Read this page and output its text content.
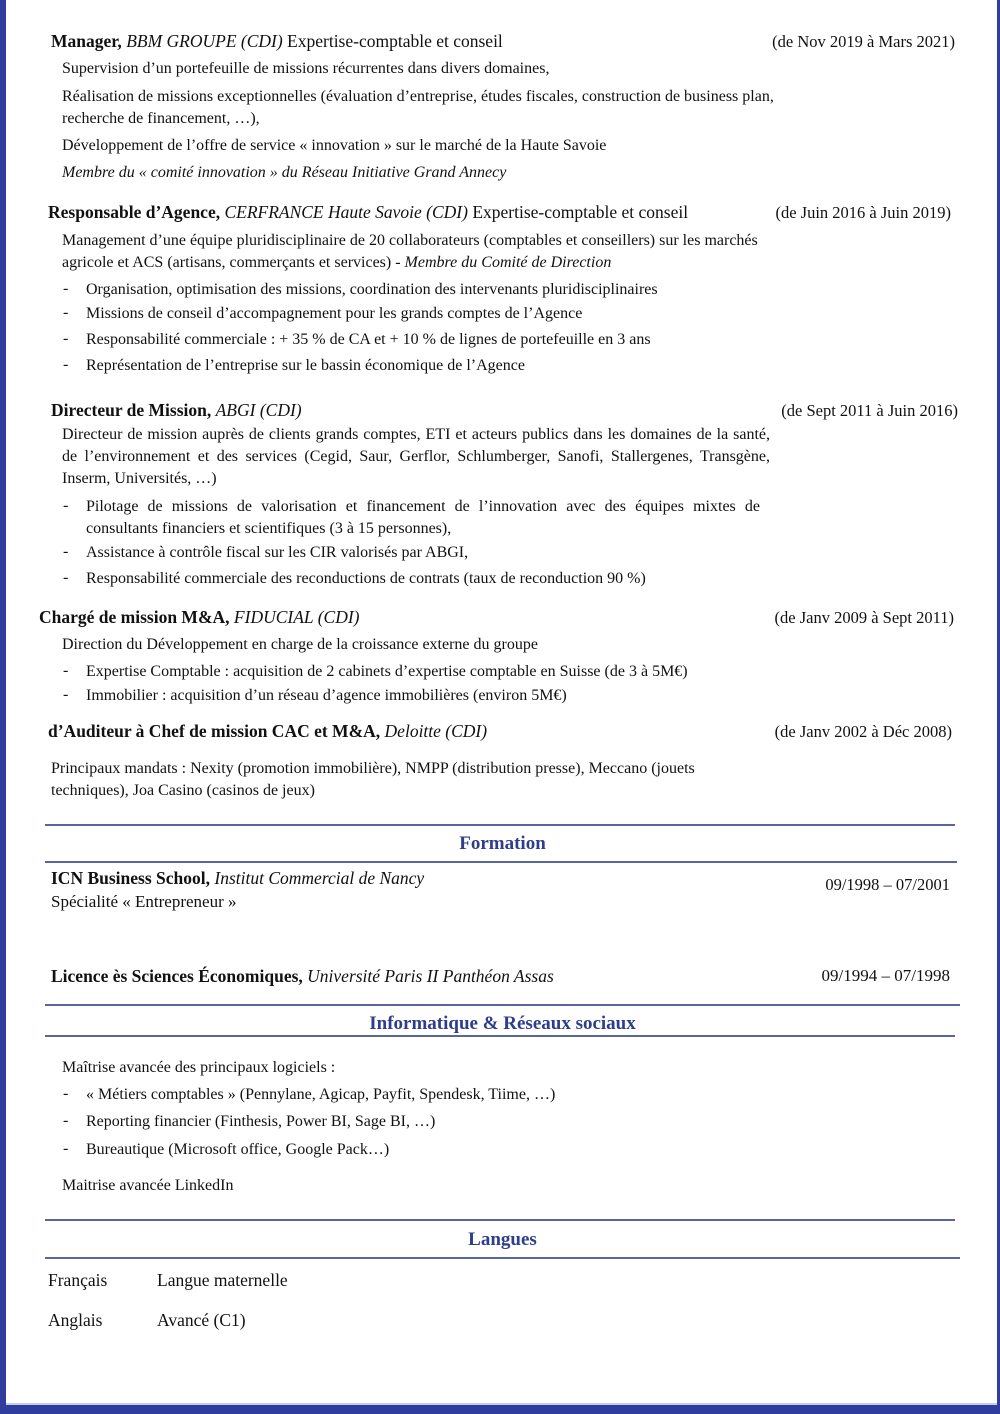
Manager, BBM GROUPE (CDI) Expertise-comptable et conseil	(de Nov 2019 à Mars 2021)
Supervision d’un portefeuille de missions récurrentes dans divers domaines,
Réalisation de missions exceptionnelles (évaluation d’entreprise, études fiscales, construction de business plan, recherche de financement, …),
Développement de l’offre de service « innovation » sur le marché de la Haute Savoie
Membre du « comité innovation » du Réseau Initiative Grand Annecy
Responsable d’Agence, CERFRANCE Haute Savoie (CDI) Expertise-comptable et conseil	(de Juin 2016 à Juin 2019)
Management d’une équipe pluridisciplinaire de 20 collaborateurs (comptables et conseillers) sur les marchés agricole et ACS (artisans, commerçants et services) - Membre du Comité de Direction
- Organisation, optimisation des missions, coordination des intervenants pluridisciplinaires
- Missions de conseil d’accompagnement pour les grands comptes de l’Agence
- Responsabilité commerciale : + 35 % de CA et + 10 % de lignes de portefeuille en 3 ans
- Représentation de l’entreprise sur le bassin économique de l’Agence
Directeur de Mission, ABGI (CDI)	(de Sept 2011 à Juin 2016)
Directeur de mission auprès de clients grands comptes, ETI et acteurs publics dans les domaines de la santé, de l’environnement et des services (Cegid, Saur, Gerflor, Schlumberger, Sanofi, Stallergenes, Transgène, Inserm, Universités, …)
- Pilotage de missions de valorisation et financement de l’innovation avec des équipes mixtes de consultants financiers et scientifiques (3 à 15 personnes),
- Assistance à contrôle fiscal sur les CIR valorisés par ABGI,
- Responsabilité commerciale des reconductions de contrats (taux de reconduction 90 %)
Chargé de mission M&A, FIDUCIAL (CDI)	(de Janv 2009 à Sept 2011)
Direction du Développement en charge de la croissance externe du groupe
- Expertise Comptable : acquisition de 2 cabinets d’expertise comptable en Suisse (de 3 à 5M€)
- Immobilier : acquisition d’un réseau d’agence immobilières (environ 5M€)
d’Auditeur à Chef de mission CAC et M&A, Deloitte (CDI)	(de Janv 2002 à Déc 2008)
Principaux mandats : Nexity (promotion immobilière), NMPP (distribution presse), Meccano (jouets techniques), Joa Casino (casinos de jeux)
Formation
ICN Business School, Institut Commercial de Nancy
Spécialité « Entrepreneur »
09/1998 – 07/2001
Licence ès Sciences Économiques, Université Paris II Panthéon Assas	09/1994 – 07/1998
Informatique & Réseaux sociaux
Maîtrise avancée des principaux logiciels :
- « Métiers comptables » (Pennylane, Agicap, Payfit, Spendesk, Tiime, …)
- Reporting financier (Finthesis, Power BI, Sage BI, …)
- Bureautique (Microsoft office, Google Pack…)
Maitrise avancée LinkedIn
Langues
Français	Langue maternelle
Anglais	Avancé (C1)
